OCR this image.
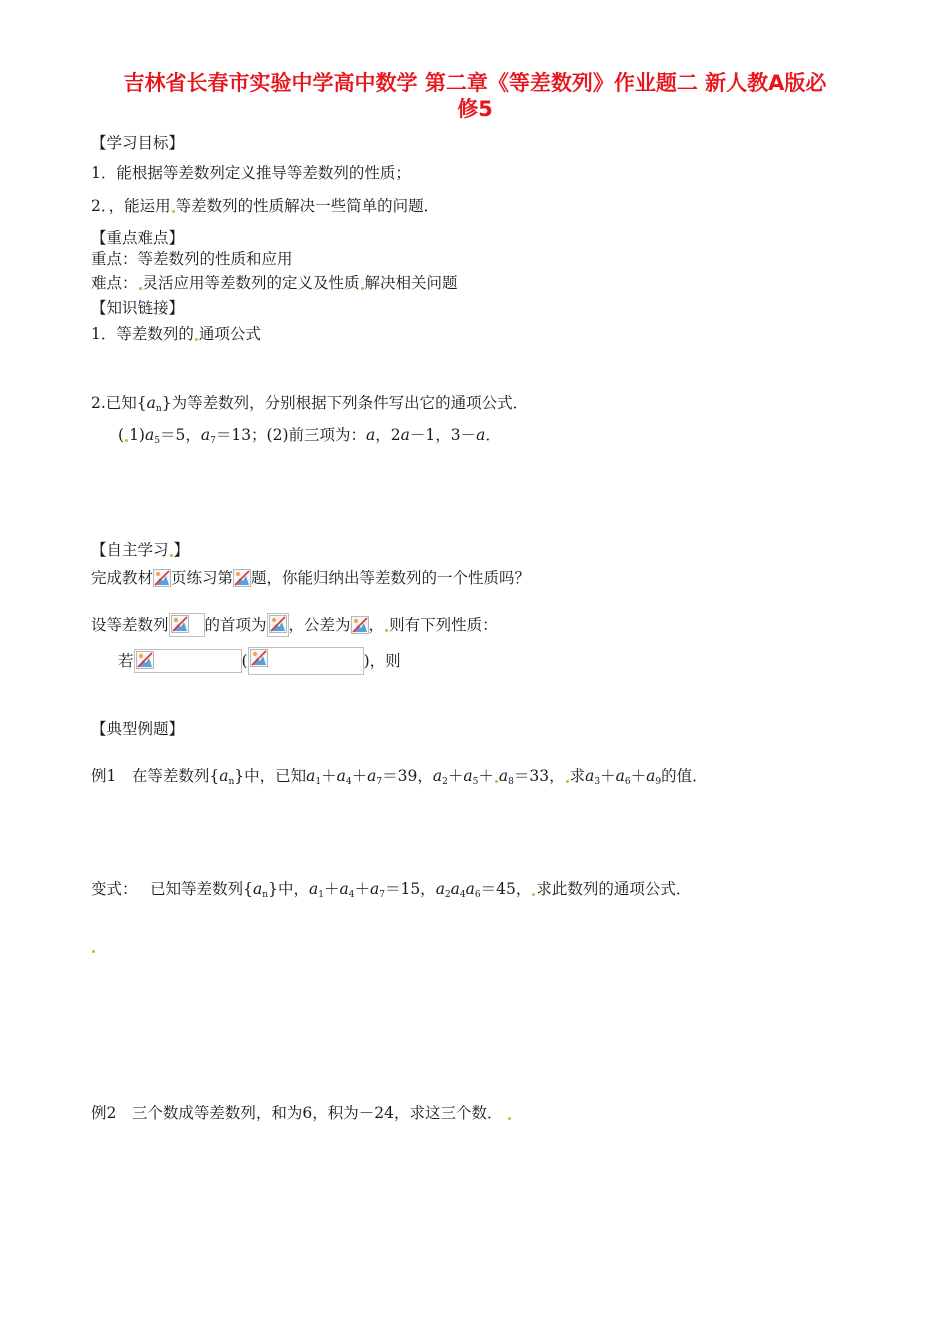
吉林省长春市实验中学高中数学 第二章《等差数列》作业题二 新人教A版必
修5
【学习目标】
1．能根据等差数列定义推导等差数列的性质；
2．，能运用 等差数列的性质解决一些简单的问题．
【重点难点】
重点：等差数列的性质和应用
难点： 灵活应用等差数列的定义及性质 解决相关问题
【知识链接】
1．等差数列的 通项公式
2.已知$\{a_n\}$为等差数列，分别根据下列条件写出它的通项公式．
( $1)a_5=5$，$a_7=13$；(2)前三项为：a，2a－1，3－a．
【自主学习 】
完成教材 页练习第 题，你能归纳出等差数列的一个性质吗？
设等差数列 的首项为 ，公差为 ， 则有下列性质：
若	(	)，则
【典型例题】
例1　在等差数列$\{a_n\}$中，已知$a_1+a_4+a_7=39$，$a_2+a_5+ a_8=33$， 求$a_3+a_6+a_9$的值．
变式：　 已知等差数列$\{a_n\}$中，$a_1+a_4+a_7=15$，$a_2a_4a_6=45$， 求此数列的通项公式．
例2　三个数成等差数列，和为6，积为－24，求这三个数．
